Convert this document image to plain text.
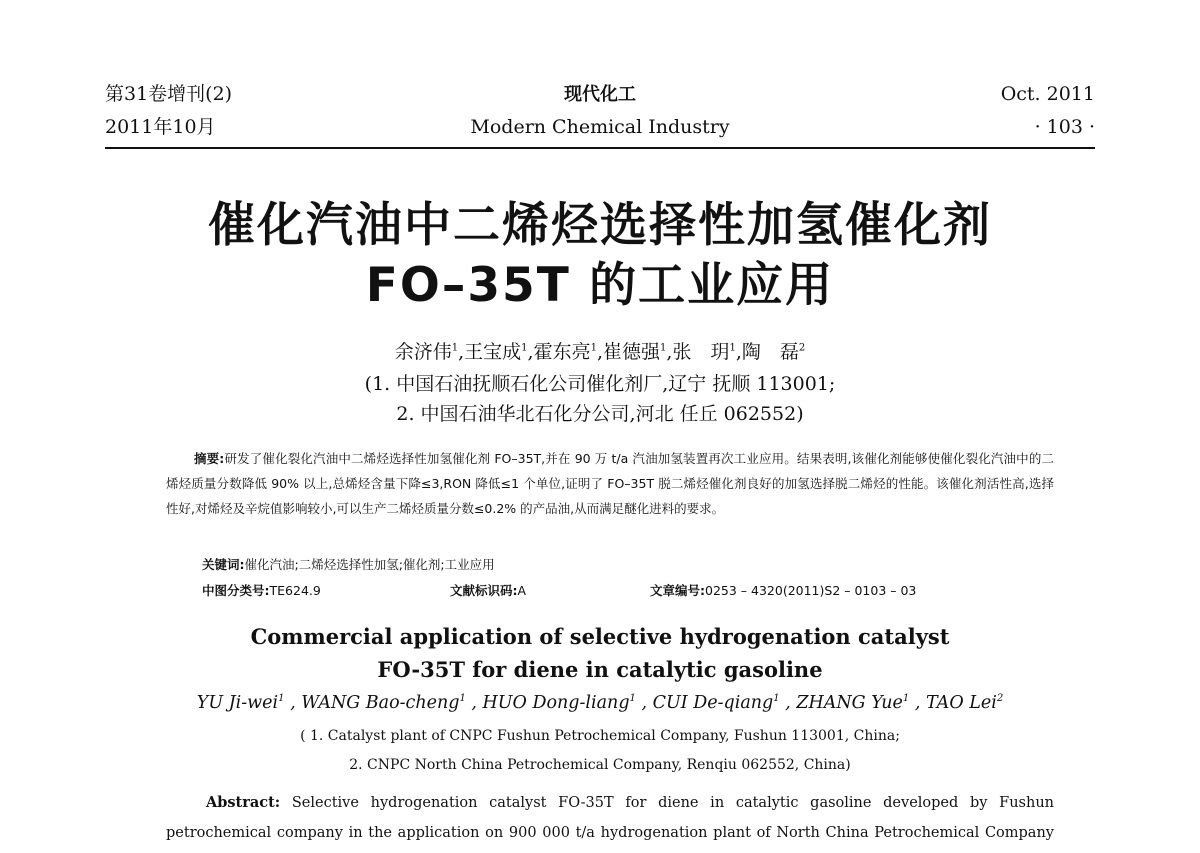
第31卷增刊(2)
2011年10月
现代化工
Modern Chemical Industry
Oct. 2011
· 103 ·
催化汽油中二烯烃选择性加氢催化剂
FO–35T 的工业应用
余济伟$^1$,王宝成$^1$,霍东亮$^1$,崔德强$^1$,张　玥$^1$,陶　磊$^2$
(1. 中国石油抚顺石化公司催化剂厂,辽宁 抚顺 113001;
2. 中国石油华北石化分公司,河北 任丘 062552)

摘要:研发了催化裂化汽油中二烯烃选择性加氢催化剂 FO–35T,并在 90 万 t/a 汽油加氢装置再次工业应用。结果表明,该催化剂能够使催化裂化汽油中的二烯烃质量分数降低 90% 以上,总烯烃含量下降≤3,RON 降低≤1 个单位,证明了 FO–35T 脱二烯烃催化剂良好的加氢选择脱二烯烃的性能。该催化剂活性高,选择性好,对烯烃及辛烷值影响较小,可以生产二烯烃质量分数≤0.2% 的产品油,从而满足醚化进料的要求。

关键词:催化汽油;二烯烃选择性加氢;催化剂;工业应用
中图分类号:TE624.9	文献标识码:A	文章编号:0253 – 4320(2011)S2 – 0103 – 03
Commercial application of selective hydrogenation catalyst
FO-35T for diene in catalytic gasoline
YU Ji-wei$^1$ , WANG Bao-cheng$^1$ , HUO Dong-liang$^1$ , CUI De-qiang$^1$ , ZHANG Yue$^1$ , TAO Lei$^2$
( 1. Catalyst plant of CNPC Fushun Petrochemical Company, Fushun 113001, China;
2. CNPC North China Petrochemical Company, Renqiu 062552, China)

Abstract: Selective hydrogenation catalyst FO-35T for diene in catalytic gasoline developed by Fushun petrochemical company in the application on 900 000 t/a hydrogenation plant of North China Petrochemical Company
